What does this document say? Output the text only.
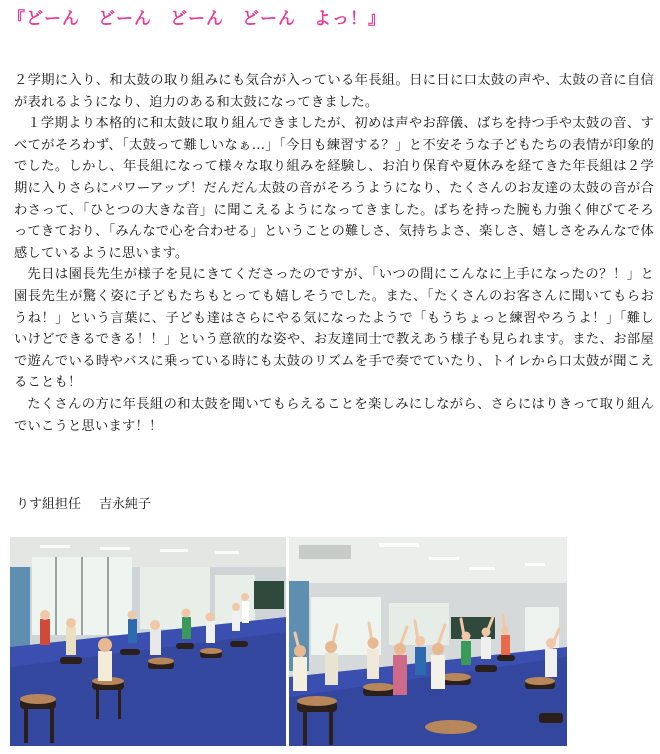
『どーん　どーん　どーん　どーん　よっ！』

２学期に入り、和太鼓の取り組みにも気合が入っている年長組。日に日に口太鼓の声や、太鼓の音に自信が表れるようになり、迫力のある和太鼓になってきました。

１学期より本格的に和太鼓に取り組んできましたが、初めは声やお辞儀、ばちを持つ手や太鼓の音、すべてがそろわず、「太鼓って難しいなぁ…」「今日も練習する？」と不安そうな子どもたちの表情が印象的でした。しかし、年長組になって様々な取り組みを経験し、お泊り保育や夏休みを経てきた年長組は２学期に入りさらにパワーアップ！だんだん太鼓の音がそろうようになり、たくさんのお友達の太鼓の音が合わさって、「ひとつの大きな音」に聞こえるようになってきました。ばちを持った腕も力強く伸びてそろってきており、「みんなで心を合わせる」ということの難しさ、気持ちよさ、楽しさ、嬉しさをみんなで体感しているように思います。

先日は園長先生が様子を見にきてくださったのですが、「いつの間にこんなに上手になったの？！」と園長先生が驚く姿に子どもたちもとっても嬉しそうでした。また、「たくさんのお客さんに聞いてもらおうね！」という言葉に、子ども達はさらにやる気になったようで「もうちょっと練習やろうよ！」「難しいけどできるできる！！」という意欲的な姿や、お友達同士で教えあう様子も見られます。また、お部屋で遊んでいる時やバスに乗っている時にも太鼓のリズムを手で奏でていたり、トイレから口太鼓が聞こえることも！

たくさんの方に年長組の和太鼓を聞いてもらえることを楽しみにしながら、さらにはりきって取り組んでいこうと思います！！

りす組担任 吉永純子
